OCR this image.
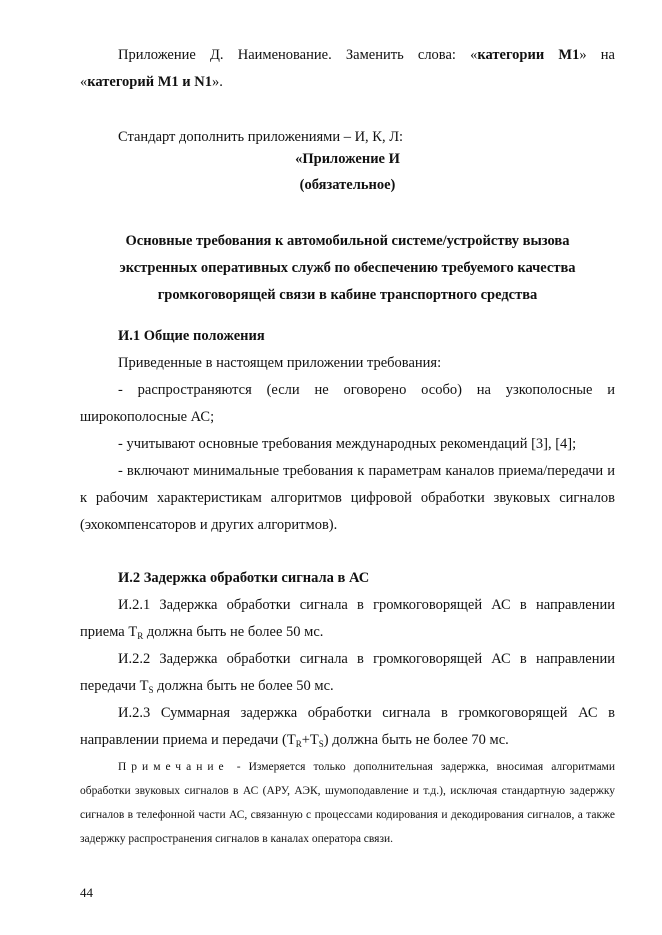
Приложение Д. Наименование. Заменить слова: «категории М1» на «категорий М1 и N1».
Стандарт дополнить приложениями – И, К, Л:
«Приложение И
(обязательное)
Основные требования к автомобильной системе/устройству вызова
экстренных оперативных служб по обеспечению требуемого качества
громкоговорящей связи в кабине транспортного средства
И.1 Общие положения
Приведенные в настоящем приложении требования:
- распространяются (если не оговорено особо) на узкополосные и широкополосные АС;
- учитывают основные требования международных рекомендаций [3], [4];
- включают минимальные требования к параметрам каналов приема/передачи и к рабочим характеристикам алгоритмов цифровой обработки звуковых сигналов (эхокомпенсаторов и других алгоритмов).
И.2 Задержка обработки сигнала в АС
И.2.1 Задержка обработки сигнала в громкоговорящей АС в направлении приема $T_R$ должна быть не более 50 мс.
И.2.2 Задержка обработки сигнала в громкоговорящей АС в направлении передачи $T_S$ должна быть не более 50 мс.
И.2.3 Суммарная задержка обработки сигнала в громкоговорящей АС в направлении приема и передачи $(T_R+T_S)$ должна быть не более 70 мс.
Примечание - Измеряется только дополнительная задержка, вносимая алгоритмами обработки звуковых сигналов в АС (АРУ, АЭК, шумоподавление и т.д.), исключая стандартную задержку сигналов в телефонной части АС, связанную с процессами кодирования и декодирования сигналов, а также задержку распространения сигналов в каналах оператора связи.
44
